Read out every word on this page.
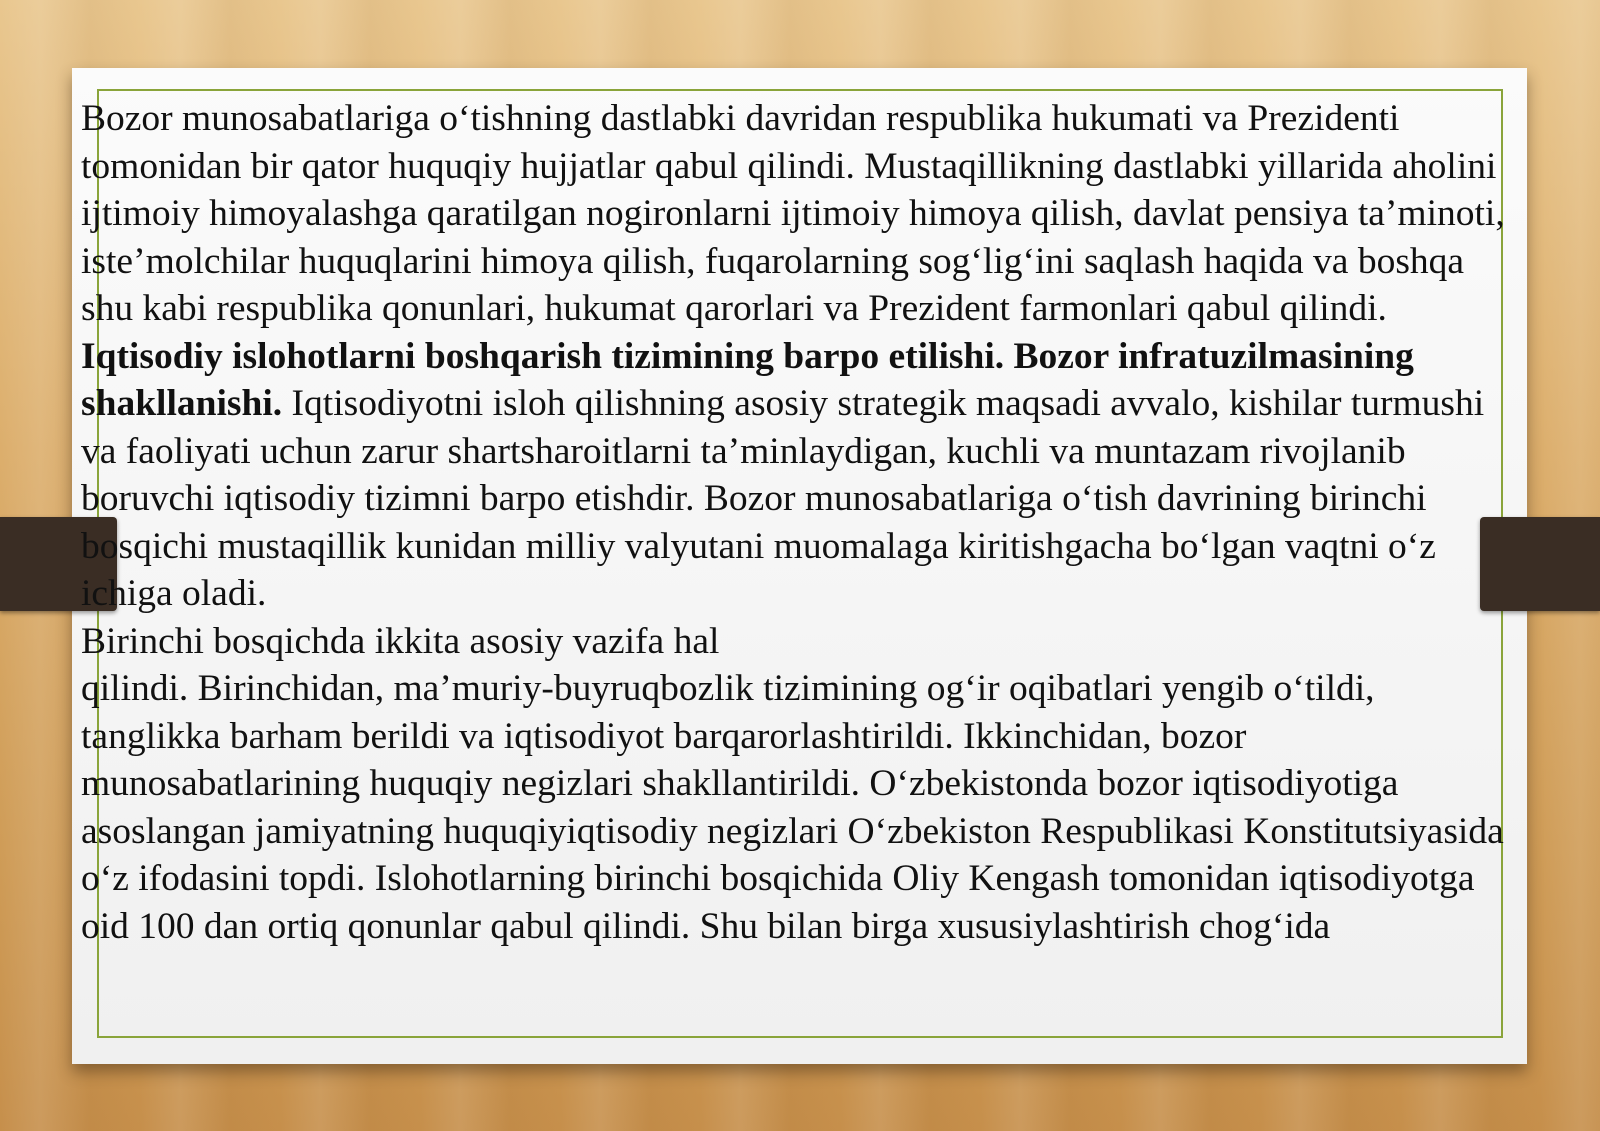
Bozor munosabatlariga o‘tishning dastlabki davridan respublika hukumati va Prezidenti tomonidan bir qator huquqiy hujjatlar qabul qilindi. Mustaqillikning dastlabki yillarida aholini ijtimoiy himoyalashga qaratilgan nogironlarni ijtimoiy himoya qilish, davlat pensiya ta’minoti, iste’molchilar huquqlarini himoya qilish, fuqarolarning sog‘lig‘ini saqlash haqida va boshqa shu kabi respublika qonunlari, hukumat qarorlari va Prezident farmonlari qabul qilindi.

Iqtisodiy islohotlarni boshqarish tizimining barpo etilishi. Bozor infratuzilmasining shakllanishi. Iqtisodiyotni isloh qilishning asosiy strategik maqsadi avvalo, kishilar turmushi va faoliyati uchun zarur shartsharoitlarni ta’minlaydigan, kuchli va muntazam rivojlanib boruvchi iqtisodiy tizimni barpo etishdir. Bozor munosabatlariga o‘tish davrining birinchi bosqichi mustaqillik kunidan milliy valyutani muomalaga kiritishgacha bo‘lgan vaqtni o‘z ichiga oladi.

Birinchi bosqichda ikkita asosiy vazifa hal

qilindi. Birinchidan, ma’muriy-buyruqbozlik tizimining og‘ir oqibatlari yengib o‘tildi, tanglikka barham berildi va iqtisodiyot barqarorlashtirildi. Ikkinchidan, bozor munosabatlarining huquqiy negizlari shakllantirildi. O‘zbekistonda bozor iqtisodiyotiga asoslangan jamiyatning huquqiyiqtisodiy negizlari O‘zbekiston Respublikasi Konstitutsiyasida o‘z ifodasini topdi. Islohotlarning birinchi bosqichida Oliy Kengash tomonidan iqtisodiyotga oid 100 dan ortiq qonunlar qabul qilindi. Shu bilan birga xususiylashtirish chog‘ida
